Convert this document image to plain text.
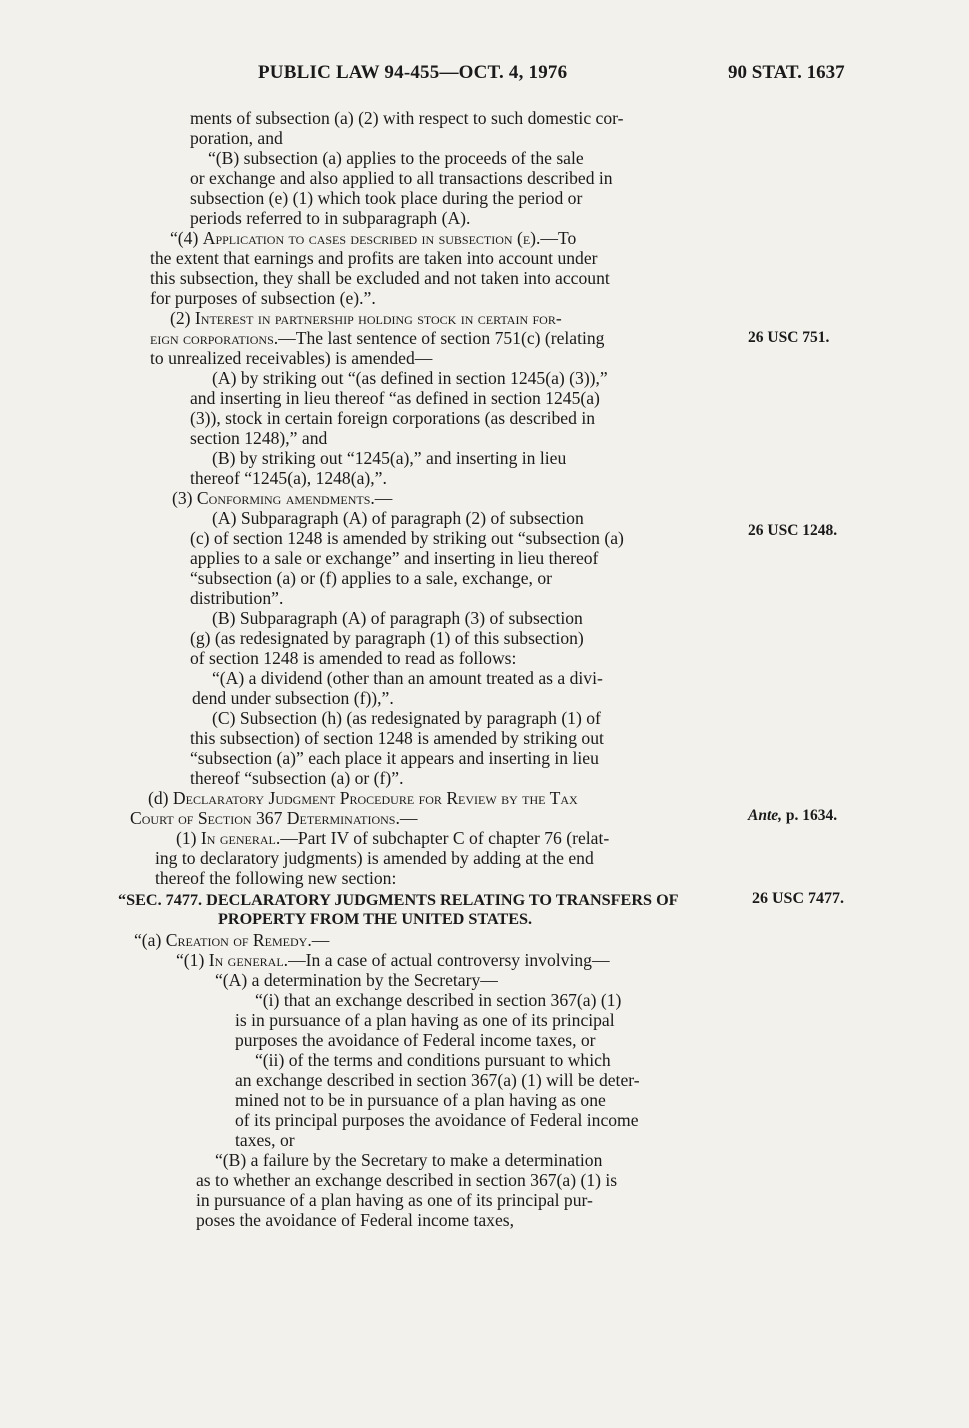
PUBLIC LAW 94-455—OCT. 4, 1976	90 STAT. 1637
ments of subsection (a) (2) with respect to such domestic cor-
poration, and
“(B) subsection (a) applies to the proceeds of the sale
or exchange and also applied to all transactions described in
subsection (e) (1) which took place during the period or
periods referred to in subparagraph (A).
“(4) Application to cases described in subsection (e).—To
the extent that earnings and profits are taken into account under
this subsection, they shall be excluded and not taken into account
for purposes of subsection (e).”.
(2) Interest in partnership holding stock in certain for-
eign corporations.—The last sentence of section 751(c) (relating	26 USC 751.
to unrealized receivables) is amended—
(A) by striking out “(as defined in section 1245(a) (3)),”
and inserting in lieu thereof “as defined in section 1245(a)
(3)), stock in certain foreign corporations (as described in
section 1248),” and
(B) by striking out “1245(a),” and inserting in lieu
thereof “1245(a), 1248(a),”.
(3) Conforming amendments.—
(A) Subparagraph (A) of paragraph (2) of subsection
(c) of section 1248 is amended by striking out “subsection (a)	26 USC 1248.
applies to a sale or exchange” and inserting in lieu thereof
“subsection (a) or (f) applies to a sale, exchange, or
distribution”.
(B) Subparagraph (A) of paragraph (3) of subsection
(g) (as redesignated by paragraph (1) of this subsection)
of section 1248 is amended to read as follows:
“(A) a dividend (other than an amount treated as a divi-
dend under subsection (f)),”.
(C) Subsection (h) (as redesignated by paragraph (1) of
this subsection) of section 1248 is amended by striking out
“subsection (a)” each place it appears and inserting in lieu
thereof “subsection (a) or (f)”.
(d) Declaratory Judgment Procedure for Review by the Tax
Court of Section 367 Determinations.—	Ante, p. 1634.
(1) In general.—Part IV of subchapter C of chapter 76 (relat-
ing to declaratory judgments) is amended by adding at the end
thereof the following new section:
“SEC. 7477. DECLARATORY JUDGMENTS RELATING TO TRANSFERS OF	26 USC 7477.
PROPERTY FROM THE UNITED STATES.
“(a) Creation of Remedy.—
“(1) In general.—In a case of actual controversy involving—
“(A) a determination by the Secretary—
“(i) that an exchange described in section 367(a) (1)
is in pursuance of a plan having as one of its principal
purposes the avoidance of Federal income taxes, or
“(ii) of the terms and conditions pursuant to which
an exchange described in section 367(a) (1) will be deter-
mined not to be in pursuance of a plan having as one
of its principal purposes the avoidance of Federal income
taxes, or
“(B) a failure by the Secretary to make a determination
as to whether an exchange described in section 367(a) (1) is
in pursuance of a plan having as one of its principal pur-
poses the avoidance of Federal income taxes,
